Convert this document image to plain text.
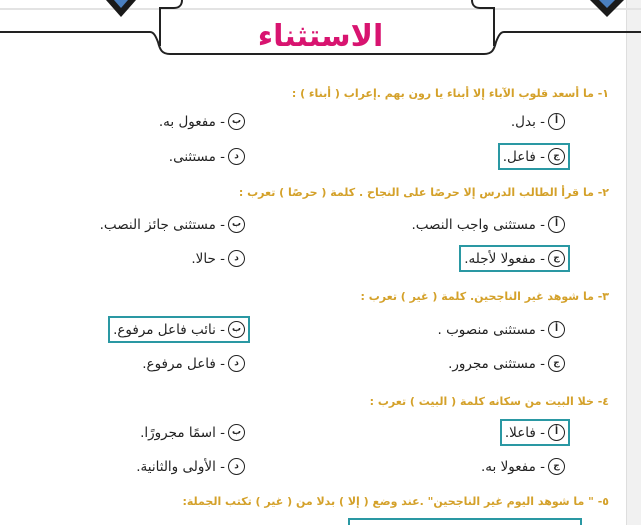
الاستثناء
١- ما أسعد قلوب الآباء إلا أبناء يا رون بهم .إعراب ( أبناء ) :
أ
- بدل.
ب
- مفعول به.
ج
- فاعل.
د
- مستثنى.
٢- ما قرأ الطالب الدرس إلا حرصًا على النجاح . كلمة ( حرصًا ) تعرب :
أ
- مستثنى واجب النصب.
ب
- مستثنى جائز النصب.
ج
- مفعولا لأجله.
د
- حالا.
٣- ما شوهد غير الناجحين. كلمة ( غير ) تعرب :
أ
- مستثنى منصوب .
ب
- نائب فاعل مرفوع.
ج
- مستثنى مجرور.
د
- فاعل مرفوع.
٤- خلا البيت من سكانه كلمة ( البيت ) تعرب :
أ
- فاعلا.
ب
- اسمًا مجرورًا.
ج
- مفعولا به.
د
- الأولى والثانية.
٥- " ما شوهد اليوم غير الناجحين" .عند وضع ( إلا ) بدلا من ( غير ) تكتب الجملة:
